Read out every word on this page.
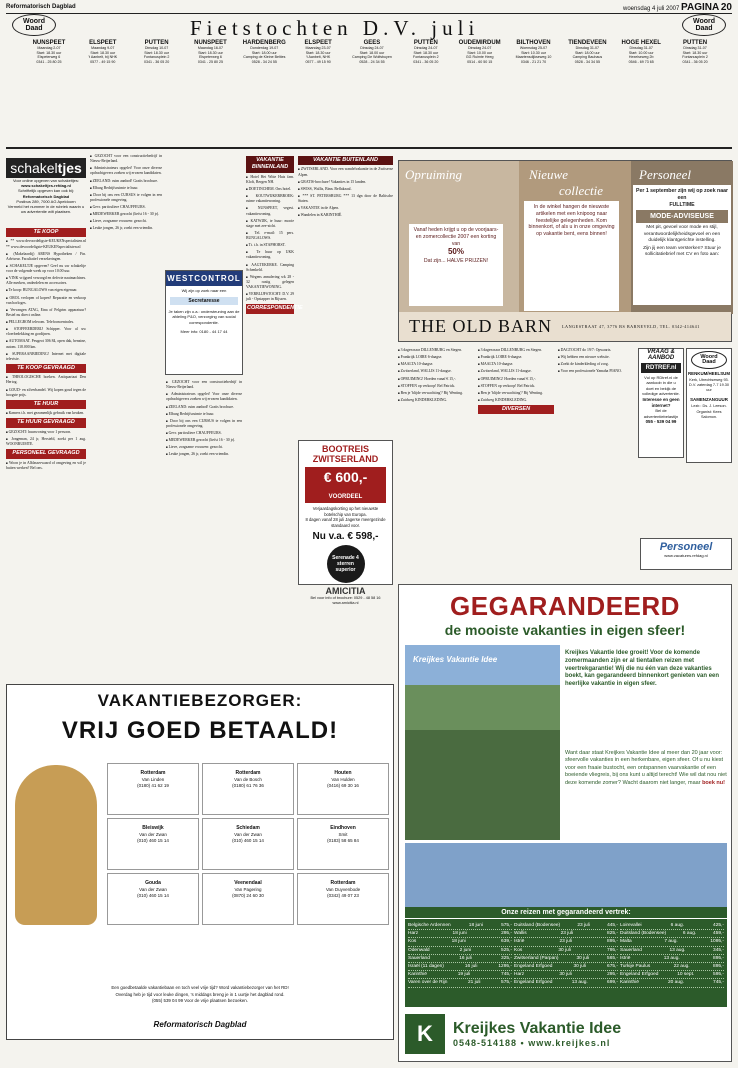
Reformatorisch Dagblad	woensdag 4 juli 2007 PAGINA 20
Woord
Daad
Woord
Daad
Fietstochten D.V. juli
NUNSPEET

Maandag 2-07

Start: 18.30 uur

Elspeterweg 6

0341 - 25 80 25

ELSPEET

Maandag 9-07

Start: 18.30 uur

't Aanbelt, bij NHK

0577 - 49 15 90

PUTTEN

Dinsdag 10-07

Start: 18.30 uur

Fontanusplein 2

0341 - 36 05 20

NUNSPEET

Maandag 16-07

Start: 18.30 uur

Elspeterweg 6

0341 - 25 80 25

HARDENBERG

Donderdag 19-07

Start: 18.00 uur

Camping de Kleine Belties

0528 - 34 24 55

ELSPEET

Maandag 23-07

Start: 18.30 uur

't Aanbelt, NHK

0577 - 49 15 90

GEES

Dinsdag 24-07

Start: 18.00 uur

Camping De Wolfsbuyen

0528 - 24 34 55

PUTTEN

Dinsdag 24-07

Start: 18.30 uur

Fontanusplein 2

0341 - 36 05 20

OUDEMIRDUM

Dinsdag 24-07

Start: 10.00 uur

GG Ruimte Heeg

0514 - 60 50 15

BILTHOVEN

Woensdag 25-07

Start: 10.30 uur

Maartensdijkseweg 10

0346 - 21 21 70

TIENDEVEEN

Dinsdag 31-07

Start: 18.00 uur

Camping Bauhaus

0528 - 34 34 55

HOGE HEXEL

Dinsdag 31-07

Start: 10.00 uur

Hexelseweg 2b

0546 - 69 73 65

PUTTEN

Dinsdag 31-07

Start: 18.30 uur

Fontanusplein 2

0341 - 36 05 20

schakeltjes
Voor online opgeven van schakeltjes:
www.schakeltjes.refdag.nl
Schriftelijk opgeven kan ook bij:
Reformatorisch Dagblad
Postbus 289, 7000 AG Apeldoorn
Vermeld het nummer in de rubriek waarin u uw advertentie wilt plaatsen.
TE KOOP

■ ** www.devoordeligste-KEUKENspecialisten.nl ** www.devoordeligste-KEUKENspecialisten.nl

■ (Makelaardij) ARENS Hypotheken / Fin. Adviseur. Facultatief verzekeringen.

■ SCHAKELTJE opgeven? Geef nu uw schakeltje voor de volgende week op voor 10.00 uur.

■ VINK vrijgoed verzorgd en defecte naaimachines. Alle merken, onderdelen en accessoires.

■ Te koop: BUNGALOWS van eigen eigenaar.

■ OROL verlopen of kopen? Reparatie en verkoop van horloges.

■ Vervangen ATAG, Etna of Pelgrim apparatuur? Bestel nu direct online.

■ PELLEGROM telecom. Telefooncentrales.

■ STOFFEERDERIJ Schipper. Voor al uw vloerbedekking en gordijnen.

■ AUTOMAAT. Peugeot 306 84, open dak, benzine, autom. 118.000 km.

■ SUPERAANBIEDING! Internet met digitale televisie.

TE KOOP GEVRAAGD

■ THEOLOGISCHE boeken. Antiquariaat Den Hertog.

■ GOUD- en zilverhandel. Wij kopen goud tegen de hoogste prijs.

TE HUUR

■ Kamers t.h. met gezamenlijk gebruik van keuken.

TE HUUR GEVRAAGD

■ GEZOCHT: huurwoning voor 1 persoon.

■ Jongeman, 24 jr, Hersteld, zoekt per 1 aug. WOONRUIMTE.

PERSONEEL GEVRAAGD

■ Woon je in Alblasserwaard of omgeving en wil je buiten werken? Bel ons.

■ GEZOCHT voor een constructiebedrijf in Nieuw-Beijerland.

■ Administrateurs opgelet! Voor onze diverse opdrachtgevers zoeken wij ervaren kandidaten.

■ ZEELAND: ruim aanbod! Gratis brochure.

■ Elburg Bedrijfsruimte te huur.

■ Door bij ons een CURSUS te volgen in een professionele omgeving.

■ Gevr. particuliere CHAUFFEURS.

■ MEDEWERKER gezocht (liefst 16 - 30 jr).

■ Lieve, zorgzame vrouwen: gezocht.

■ Leuke jongen, 26 jr, zoekt een vriendin.

■ GEZOCHT voor een constructiebedrijf in Nieuw-Beijerland.

■ Administrateurs opgelet! Voor onze diverse opdrachtgevers zoeken wij ervaren kandidaten.

■ ZEELAND: ruim aanbod! Gratis brochure.

■ Elburg Bedrijfsruimte te huur.

■ Door bij ons een CURSUS te volgen in een professionele omgeving.

■ Gevr. particuliere CHAUFFEURS.

■ MEDEWERKER gezocht (liefst 16 - 30 jr).

■ Lieve, zorgzame vrouwen: gezocht.

■ Leuke jongen, 26 jr, zoekt een vriendin.

WESTCONTROL
Wij zijn op zoek naar een
Secretaresse
Je taken zijn o.a.: ondersteuning aan de afdeling P&O, verzorging van social correspondentie.
Meer info: 0180 - 44 17 44
VAKANTIE BINNENLAND

■ Hotel Het Witte Huis fam. Kloft, Bergen NH.

■ DOETINCHEM. Ons hotel.

■ KOUTWIJKERBROEK: ruime vakantiewoning.

■ NUNSPEET, vegesi. vakantiewoning.

■ KATWIJK, te huur: mooie stage met zee-zicht.

■ Tel. e-mail: 15 pers. BUNGALOWS.

■ Tt. t.h. in STAPHORST.

■ Te huur op UKK vakantiewoning.

■ AAGTEKERKE. Camping Schenkeld.

■ Wegens annulering wk 28 - 32 rustig gelegen VAKANTIEWONING.

■ VERBLIJFSTOCHT: D.V. 29 juli - Opstapper in Rijssen.

CORRESPONDENTIE
VAKANTIE BUITENLAND

■ ZWITSERLAND. Voor een wandelvakantie in de Zwitserse Alpen.

■ GRATIS-brochure! Vakanties in 15 landen.

■ SWISS, Wallis, Binn. Beflakzaal.

■ *** ST. PETERSBURG *** 13 dgn door de Baltische Staten.

■ VAKANTIE in de Alpen.

■ Wandelen in KARINTHIË.

BOOTREIS
ZWITSERLAND
€ 600,- VOORDEEL
Verjaardagskorting op het nieuwste botelschip van Europa.
8 dagen vanaf 28 juli Jagerse meergezinde standaard voor.
Nu v.a. € 598,-
Serenade 4 sterren superior
AMICITIA
Bel voor info of brochure: 0529 - 48 58 16 www.amicitia.nl

■ 3 dagen naar DILLENBURG en Siegen.

■ Frankrijk LOIRE 6-daagse.

■ MAALTA 10-daagse.

■ Zwitserland, WALLIS 11-daagse.

■ OPRUIMING! Hoeden vanaf € 15,-.

■ STOFFEN op verkoop! Bel Patrick.

■ Ben je 'blijde verwachting'? Bij Wenting.

■ Zuidweg KINDERKLEDING.

■ 3 dagen naar DILLENBURG en Siegen.

■ Frankrijk LOIRE 6-daagse.

■ MAALTA 10-daagse.

■ Zwitserland, WALLIS 11-daagse.

■ OPRUIMING! Hoeden vanaf € 15,-.

■ STOFFEN op verkoop! Bel Patrick.

■ Ben je 'blijde verwachting'? Bij Wenting.

■ Zuidweg KINDERKLEDING.

DIVERSEN

■ DAGTOCHT do 19/7: Opwaarts.

■ Wij hebben een nieuwe website.

■ Zoekt de kinderkleding of zorg.

■ Voor een professionele Yamaha PIANO.

Opruiming	Nieuwe
collectie
Personeel
Vanaf heden krijgt u op de voorjaars- en zomercollectie 2007 een korting van
50%
Dat zijn... HALVE PRIJZEN!
In de winkel hangen de nieuwste artikelen met een knipoog naar feestelijke gelegenheden. Kom binnenkort, of als u in onze omgeving op vakantie bent, eens binnen!
Per 1 september zijn wij op zoek naar een
FULLTIME
MODE-ADVISEUSE
Met pit, gevoel voor mode en stijl, verantwoordelijkheidsgevoel en een duidelijk klantgerichte instelling.
Zijn jij een team versterken? Stuur je sollicitatiebrief met CV en foto aan:
THE OLD BARN LANGESTRAAT 47, 3776 BS BARNEVELD, TEL. 0342-414641
VRAAG & AANBOD
RDTREF.nl
Vul op RDtref.nl de aankoob in die u doet en bekijk de volledige advertentie.
Interesse en geen internet?
Bel de advertentiebelastijn
055 - 539 04 99
Woord
Daad
RENKUM/HEELSUM
Kerk, Utrechtseweg 93. D.V. zaterdag 7-7 19.30 uur
SAMENZANGUUR
Lezir.: Ds. J. Leeson. Organist: Kees Salomon.
Personeel
www.vacatures.refdag.nl
GEGARANDEERD
de mooiste vakanties in eigen sfeer!
Kreijkes Vakantie Idee
Kreijkes Vakantie Idee groeit! Voor de komende zomermaanden zijn er al tientallen reizen met veertrekgarantie! Wij die nu één van deze vakanties boekt, kan gegarandeerd binnenkort genieten van een heerlijke vakantie in eigen sfeer.
Want daar staat Kreijkes Vakantie Idee al meer dan 20 jaar voor: sfeervolle vakanties in een herkenbare, eigen sfeer. Of u nu kiest voor een fraaie bustocht, een ontspannen vaarvakantie of een boeiende vliegreis, bij ons kunt u altijd terecht! Wie wil dat nou niet deze komende zomer? Wacht daarom niet langer, maar boek nu!
Onze reizen met gegarandeerd vertrek:
Belgische Ardennen	18 juni	575,-
Harz	18 juni	295,-
Kos	18 juni	639,-
Odenwald	2 juni	525,-
Sauerland	16 juli	325,-
Israël (11 dagen)	16 juli	1295,-
Karinthië	19 juli	745,-
Varen over de Rijn	21 juli	575,-
Duitsland (Bodensee)	23 juli	445,-
Wallis	23 juli	825,-
Istrië	23 juli	895,-
Kos	30 juli	795,-
Zwitserland (Parpan)	30 juli	565,-
Engeland Erfgoed	30 juli	675,-
Harz	30 juli	295,-
Engeland Erfgoed	13 aug.	699,-
Loirevallei	6 aug.	425,-
Duitsland (Bodensee)	6 aug.	459,-
Malta	7 aug.	1095,-
Sauerland	13 aug.	345,-
Istrië	13 aug.	895,-
Turkije Paulus	22 aug.	895,-
Engeland Erfgoed	10 sept.	595,-
Karinthië	20 aug.	745,-
K	Kreijkes Vakantie Idee
0548-514188 • www.kreijkes.nl
VAKANTIEBEZORGER:
VRIJ GOED BETAALD!
Rotterdam
Van Linden
(0180) 41 62 19
Rotterdam
Van de Bosch
(0180) 61 76 36
Houten
Van Hulden
(0416) 69 30 16
Bleiswijk
Van der Zwan
(010) 460 15 14
Schiedam
Van der Zwan
(010) 460 15 14
Eindhoven
Smit
(0183) 58 65 84
Gouda
Van der Zwan
(010) 460 15 14
Veenendaal
Van Pagering
(0870) 24 60 30
Rotterdam
Van Duyvenbode
(0342) 49 07 23
Een goedbetaalde vakantiebaan en toch veel vrije tijd? Word vakantiebezorger van het RD!
Overdag heb je tijd voor leuke dingen, 's middags breng je in 1 uurtje het dagblad rond.
(055) 539 04 99 Voor de vrije plaatsen bezoeken.
Reformatorisch Dagblad
